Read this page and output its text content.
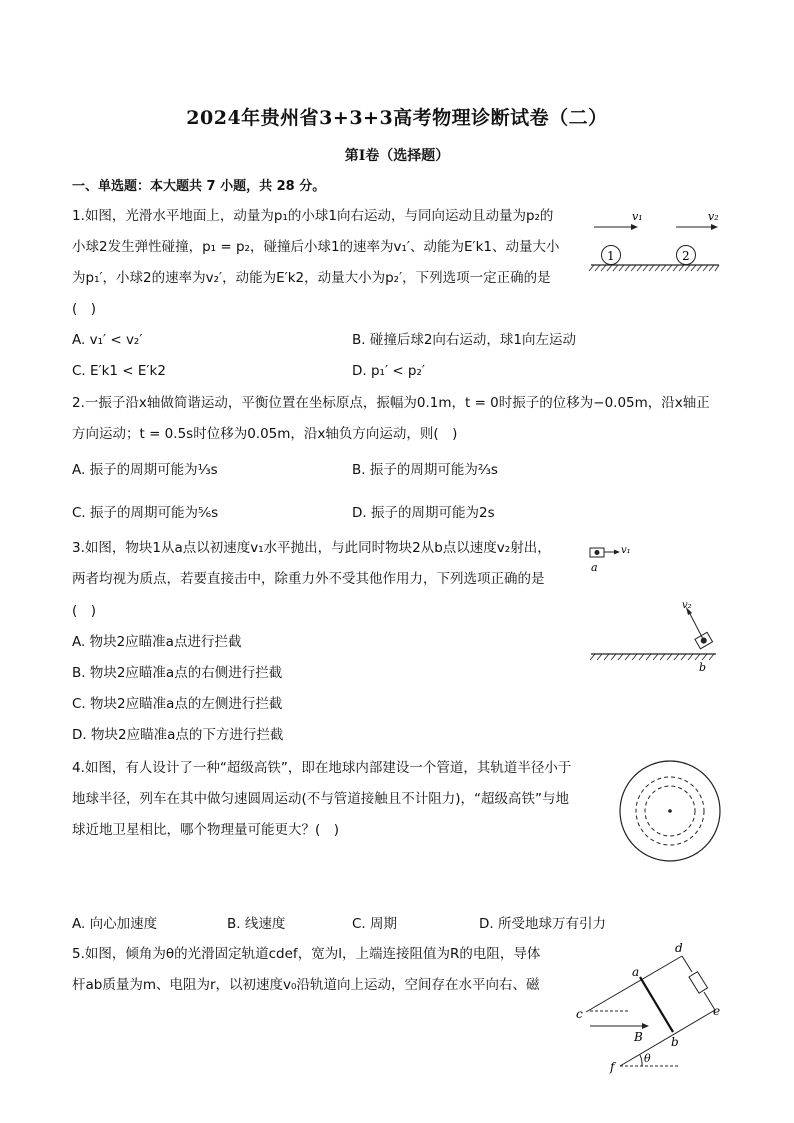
2024年贵州省3+3+3高考物理诊断试卷（二）
第I卷（选择题）
一、单选题：本大题共 7 小题，共 28 分。
1.如图，光滑水平地面上，动量为p₁的小球1向右运动，与同向运动且动量为p₂的
小球2发生弹性碰撞，p₁ = p₂，碰撞后小球1的速率为v₁′、动能为E′k1、动量大小
为p₁′，小球2的速率为v₂′，动能为E′k2，动量大小为p₂′，下列选项一定正确的是
(　)
A. v₁′ < v₂′	B. 碰撞后球2向右运动，球1向左运动
C. E′k1 < E′k2	D. p₁′ < p₂′
v₁	v₂
1	2
2.一振子沿x轴做简谐运动，平衡位置在坐标原点，振幅为0.1m，t = 0时振子的位移为−0.05m，沿x轴正
方向运动；t = 0.5s时位移为0.05m，沿x轴负方向运动，则(　)
A. 振子的周期可能为⅓s	B. 振子的周期可能为⅔s
C. 振子的周期可能为⅚s	D. 振子的周期可能为2s
3.如图，物块1从a点以初速度v₁水平抛出，与此同时物块2从b点以速度v₂射出，
两者均视为质点，若要直接击中，除重力外不受其他作用力，下列选项正确的是
(　)
A. 物块2应瞄准a点进行拦截
B. 物块2应瞄准a点的右侧进行拦截
C. 物块2应瞄准a点的左侧进行拦截
D. 物块2应瞄准a点的下方进行拦截
v₁
a
v₂
b
4.如图，有人设计了一种“超级高铁”，即在地球内部建设一个管道，其轨道半径小于
地球半径，列车在其中做匀速圆周运动(不与管道接触且不计阻力)，“超级高铁”与地
球近地卫星相比，哪个物理量可能更大？(　)
A. 向心加速度	B. 线速度	C. 周期	D. 所受地球万有引力
5.如图，倾角为θ的光滑固定轨道cdef，宽为l，上端连接阻值为R的电阻，导体
杆ab质量为m、电阻为r，以初速度v₀沿轨道向上运动，空间存在水平向右、磁
B
θ
c
d
e
f
a
b
